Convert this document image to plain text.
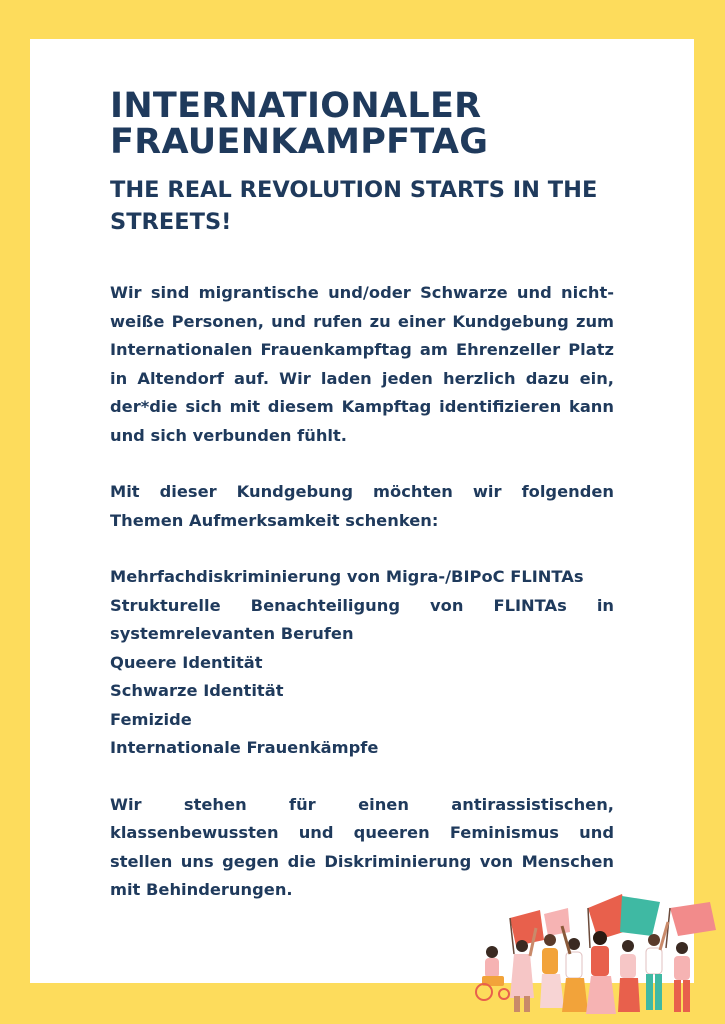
INTERNATIONALER
FRAUENKAMPFTAG
THE REAL REVOLUTION STARTS IN THE STREETS!

Wir sind migrantische und/oder Schwarze und nicht-weiße Personen, und rufen zu einer Kundgebung zum Internationalen Frauenkampftag am Ehrenzeller Platz in Altendorf auf. Wir laden jeden herzlich dazu ein, der*die sich mit diesem Kampftag identifizieren kann und sich verbunden fühlt.

Mit dieser Kundgebung möchten wir folgenden Themen Aufmerksamkeit schenken:

Mehrfachdiskriminierung von Migra-/BIPoC FLINTAs
Strukturelle Benachteiligung von FLINTAs in
systemrelevanten Berufen
Queere Identität
Schwarze Identität
Femizide
Internationale Frauenkämpfe

Wir stehen für einen antirassistischen, klassenbewussten und queeren Feminismus und stellen uns gegen die Diskriminierung von Menschen mit Behinderungen.
